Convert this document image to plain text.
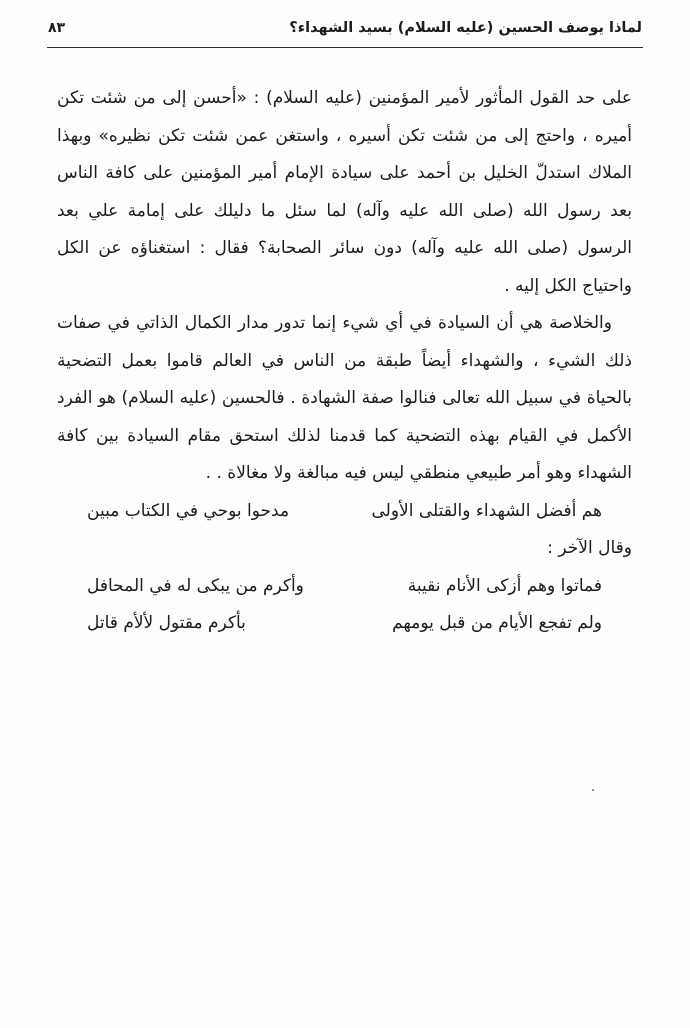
لماذا يوصف الحسين (عليه السلام) بسيد الشهداء؟
٨٣

على حد القول المأثور لأمير المؤمنين (عليه السلام) : «أحسن إلى من شئت تكن أميره ، واحتج إلى من شئت تكن أسيره ، واستغن عمن شئت تكن نظيره» وبهذا الملاك استدلّ الخليل بن أحمد على سيادة الإمام أمير المؤمنين على كافة الناس بعد رسول الله (صلى الله عليه وآله) لما سئل ما دليلك على إمامة علي بعد الرسول (صلى الله عليه وآله) دون سائر الصحابة؟ فقال : استغناؤه عن الكل واحتياج الكل إليه .

والخلاصة هي أن السيادة في أي شيء إنما تدور مدار الكمال الذاتي في صفات ذلك الشيء ، والشهداء أيضاً طبقة من الناس في العالم قاموا بعمل التضحية بالحياة في سبيل الله تعالى فنالوا صفة الشهادة . فالحسين (عليه السلام) هو الفرد الأكمل في القيام بهذه التضحية كما قدمنا لذلك استحق مقام السيادة بين كافة الشهداء وهو أمر طبيعي منطقي ليس فيه مبالغة ولا مغالاة . .

هم أفضل الشهداء والقتلى الأولى
مدحوا بوحي في الكتاب مبين

وقال الآخر :

فماتوا وهم أزكى الأنام نقيبة
وأكرم من يبكى له في المحافل
ولم تفجع الأيام من قبل يومهم
بأكرم مقتول لألأم قاتل
.
